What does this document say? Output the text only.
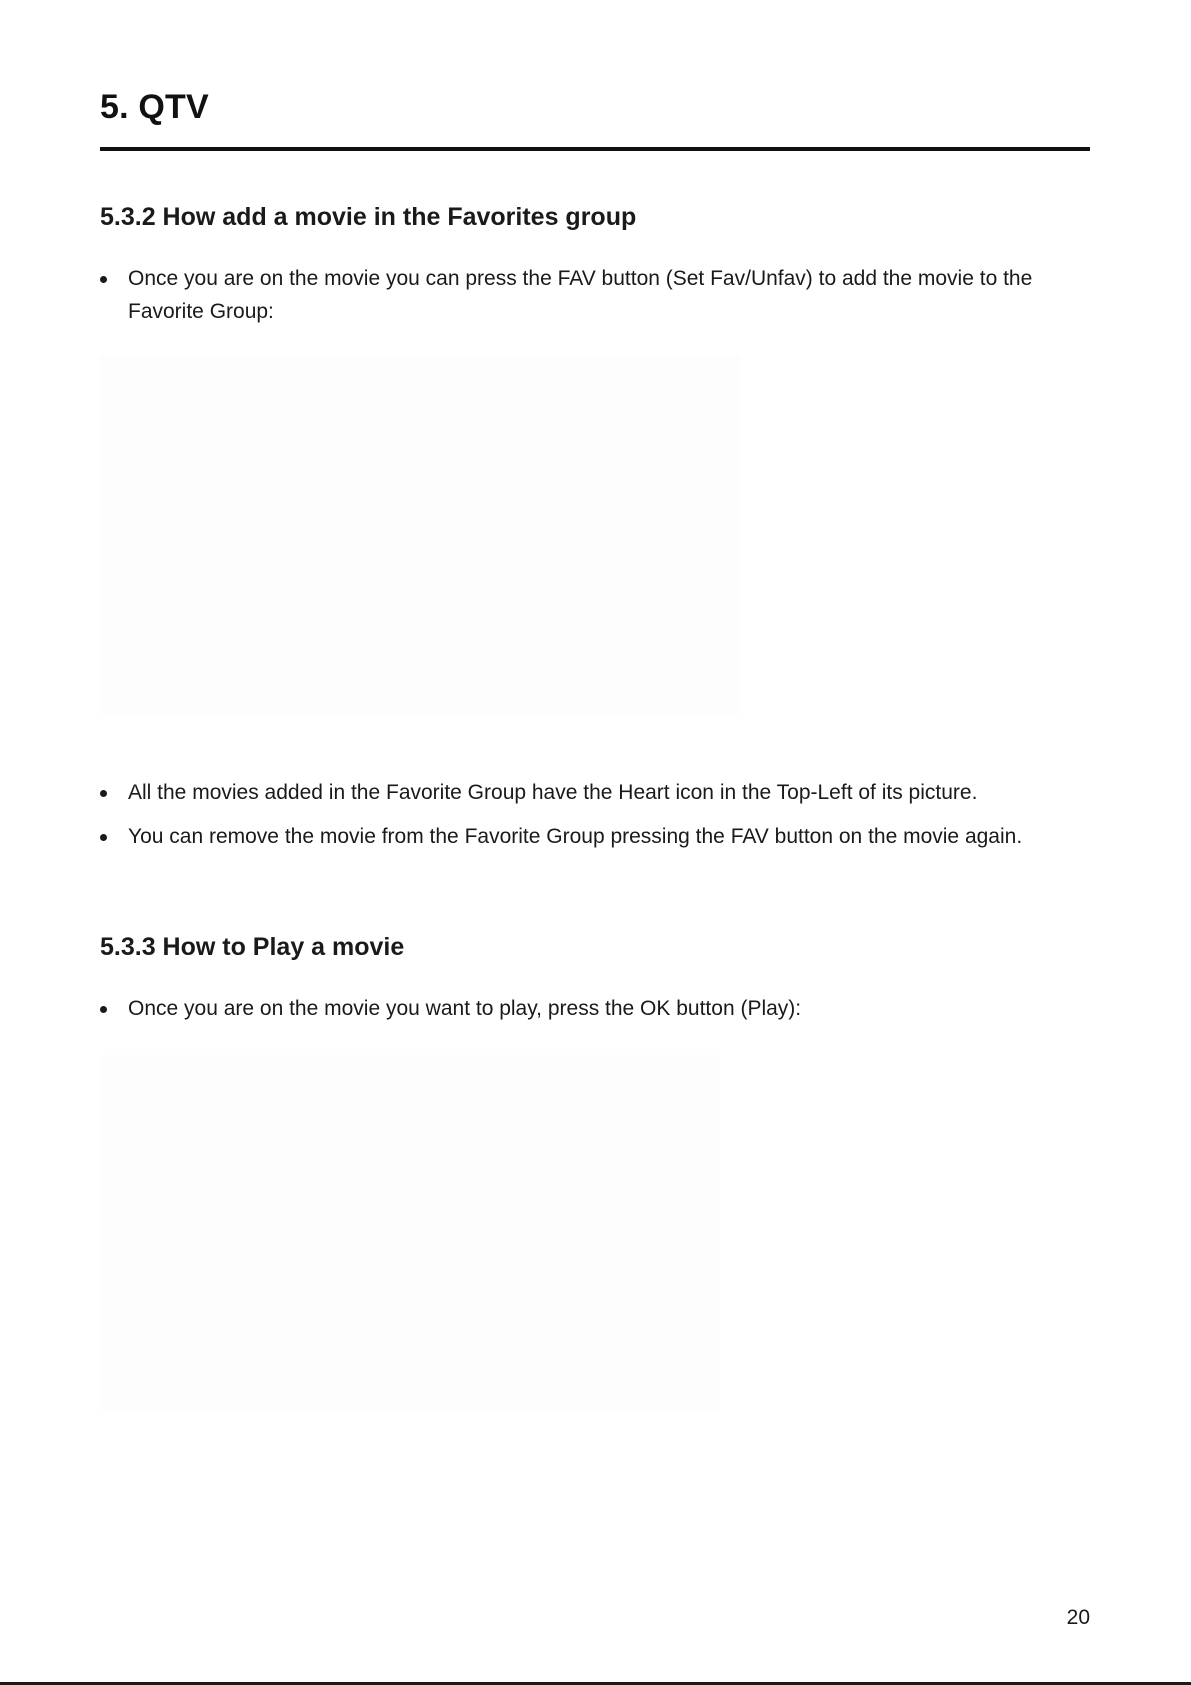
5. QTV
5.3.2 How add a movie in the Favorites group
Once you are on the movie you can press the FAV button (Set Fav/Unfav) to add the movie to the Favorite Group:
All the movies added in the Favorite Group have the Heart icon in the Top-Left of its picture.
You can remove the movie from the Favorite Group pressing the FAV button on the movie again.
5.3.3 How to Play a movie
Once you are on the movie you want to play, press the OK button (Play):
20
